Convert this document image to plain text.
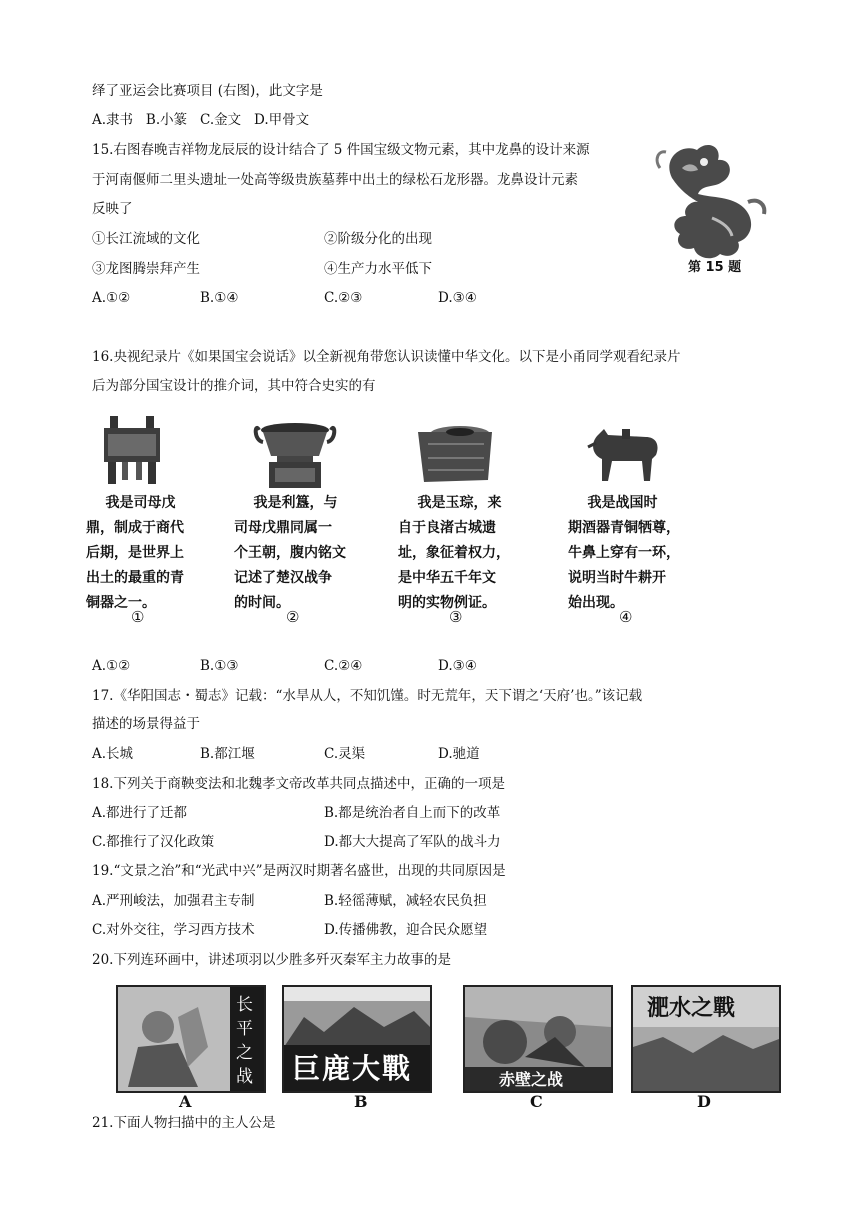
绎了亚运会比赛项目 (右图)，此文字是
A.隶书 B.小篆 C.金文 D.甲骨文
15.右图春晚吉祥物龙辰辰的设计结合了 5 件国宝级文物元素，其中龙鼻的设计来源
于河南偃师二里头遗址一处高等级贵族墓葬中出土的绿松石龙形器。龙鼻设计元素
反映了
①长江流域的文化	②阶级分化的出现
③龙图腾崇拜产生	④生产力水平低下
A.①②	B.①④	C.②③	D.③④
第 15 题
16.央视纪录片《如果国宝会说话》以全新视角带您认识读懂中华文化。以下是小甬同学观看纪录片
后为部分国宝设计的推介词，其中符合史实的有
我是司母戊
鼎，制成于商代
后期，是世界上
出土的最重的青
铜器之一。
我是利簋，与
司母戊鼎同属一
个王朝，腹内铭文
记述了楚汉战争
的时间。
我是玉琮，来
自于良渚古城遗
址，象征着权力，
是中华五千年文
明的实物例证。
我是战国时
期酒器青铜牺尊，
牛鼻上穿有一环，
说明当时牛耕开
始出现。
①	②	③	④
A.①②	B.①③	C.②④	D.③④
17.《华阳国志・蜀志》记载：“水旱从人，不知饥馑。时无荒年，天下谓之‘天府’也。”该记载
描述的场景得益于
A.长城	B.都江堰	C.灵渠	D.驰道
18.下列关于商鞅变法和北魏孝文帝改革共同点描述中，正确的一项是
A.都进行了迁都	B.都是统治者自上而下的改革
C.都推行了汉化政策	D.都大大提高了军队的战斗力
19.“文景之治”和“光武中兴”是两汉时期著名盛世，出现的共同原因是
A.严刑峻法，加强君主专制	B.轻徭薄赋，减轻农民负担
C.对外交往，学习西方技术	D.传播佛教，迎合民众愿望
20.下列连环画中，讲述项羽以少胜多歼灭秦军主力故事的是
长平之战 巨鹿大戰	赤壁之战
淝水之戰
A	B	C	D
21.下面人物扫描中的主人公是
